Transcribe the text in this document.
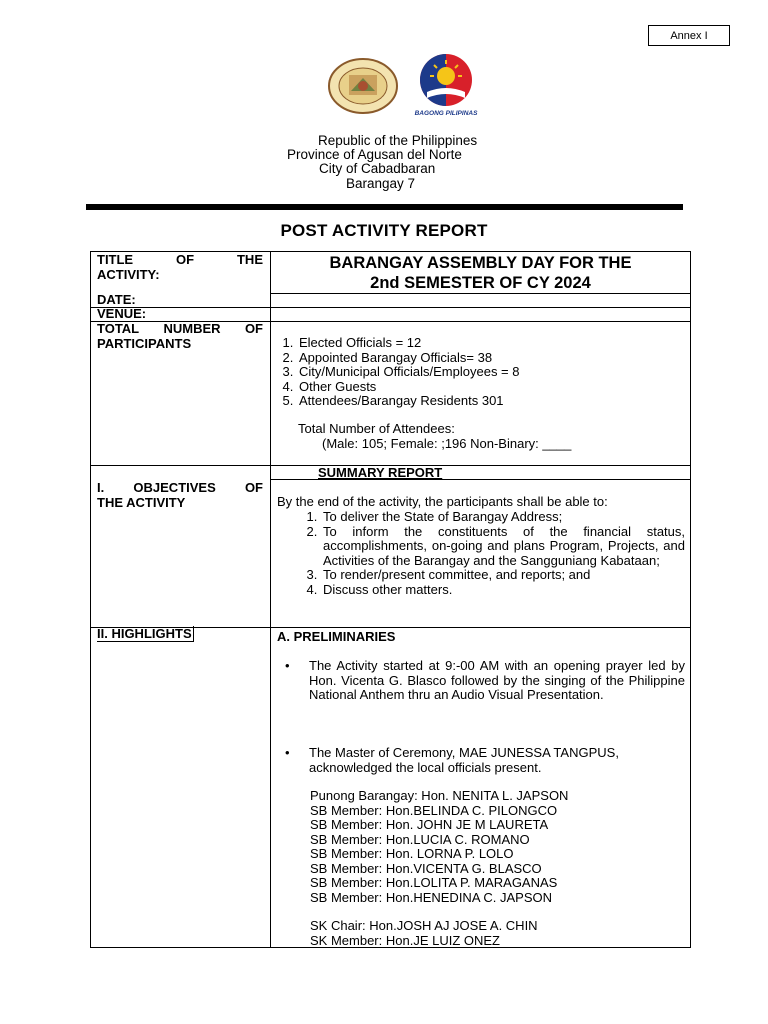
Annex I
BAGONG PILIPINAS
Republic of the Philippines
Province of Agusan del Norte
City of Cabadbaran
Barangay 7
POST ACTIVITY REPORT
TITLE	OF	THE
ACTIVITY:
BARANGAY ASSEMBLY DAY FOR THE
2nd SEMESTER OF CY 2024
DATE:
VENUE:
TOTAL NUMBER OF
PARTICIPANTS
1.	Elected Officials = 12
2. Appointed Barangay Officials= 38
3. City/Municipal Officials/Employees = 8
4. Other Guests
5. Attendees/Barangay Residents 301
Total Number of Attendees:
(Male: 105; Female: ;196 Non-Binary: ____
SUMMARY REPORT
I. OBJECTIVES OF
THE ACTIVITY	By the end of the activity, the participants shall be able to:
1. To deliver the State of Barangay Address;
2. To inform the constituents of the financial status, accomplishments, on-going and plans Program, Projects, and Activities of the Barangay and the Sangguniang Kabataan;
3. To render/present committee, and reports; and
4. Discuss other matters.
II. HIGHLIGHTS	A. PRELIMINARIES
•	The Activity started at 9:-00 AM with an opening prayer led by Hon. Vicenta G. Blasco followed by the singing of the Philippine National Anthem thru an Audio Visual Presentation.
•	The Master of Ceremony, MAE JUNESSA TANGPUS, acknowledged the local officials present.
Punong Barangay: Hon. NENITA L. JAPSON
SB Member: Hon.BELINDA C. PILONGCO
SB Member: Hon. JOHN JE M LAURETA
SB Member: Hon.LUCIA C. ROMANO
SB Member: Hon. LORNA P. LOLO
SB Member: Hon.VICENTA G. BLASCO
SB Member: Hon.LOLITA P. MARAGANAS
SB Member: Hon.HENEDINA C. JAPSON
SK Chair: Hon.JOSH AJ JOSE A. CHIN
SK Member: Hon.JE LUIZ ONEZ
